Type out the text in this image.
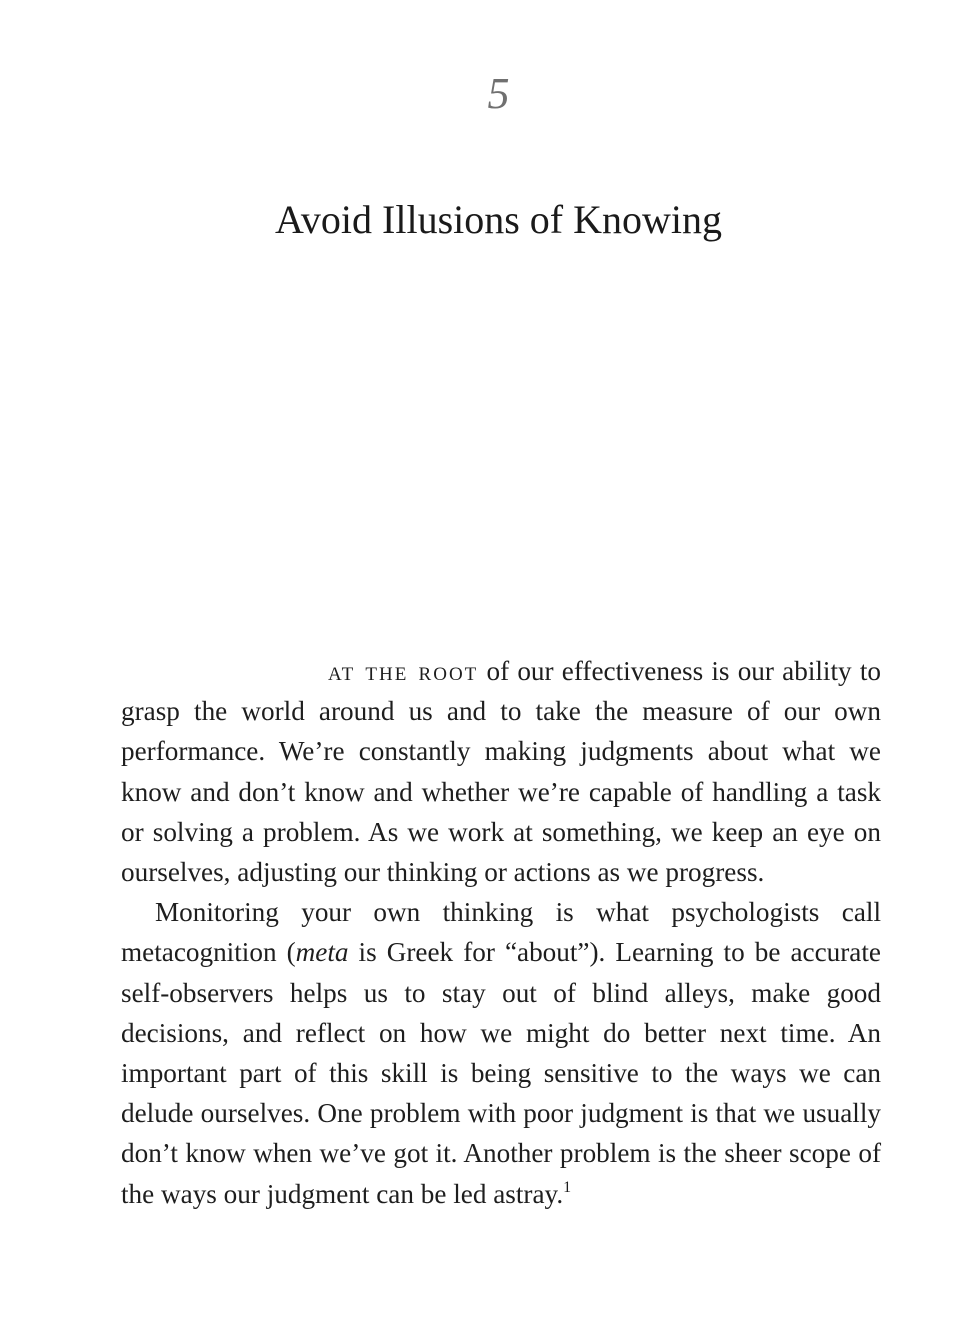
5
Avoid Illusions of Knowing

at the root of our effectiveness is our ability to grasp the world around us and to take the measure of our own performance. We’re constantly making judgments about what we know and don’t know and whether we’re capable of handling a task or solving a problem. As we work at something, we keep an eye on ourselves, adjusting our thinking or actions as we progress.

Monitoring your own thinking is what psychologists call metacognition (meta is Greek for “about”). Learning to be accurate self-observers helps us to stay out of blind alleys, make good decisions, and reflect on how we might do better next time. An important part of this skill is being sensitive to the ways we can delude ourselves. One problem with poor judgment is that we usually don’t know when we’ve got it. Another problem is the sheer scope of the ways our judgment can be led astray.$^1$
